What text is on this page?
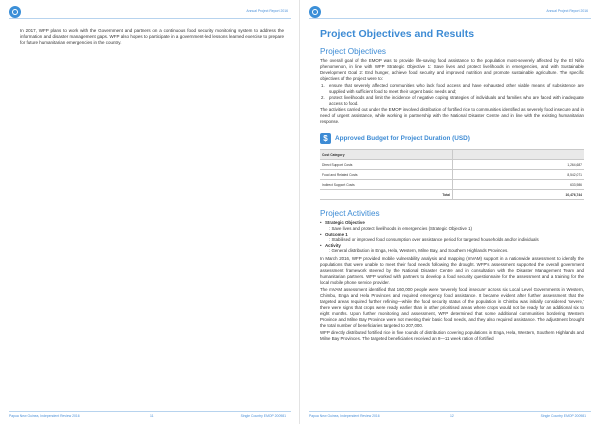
Annual Project Report 2016
In 2017, WFP plans to work with the Government and partners on a continuous food security monitoring system to address the information and disaster management gaps. WFP also hopes to participate in a government-led lessons learned exercise to prepare for future humanitarian emergencies in the country.
Papua New Guinea, Independent Review 2016	11	Single Country EMOP 200981
Annual Project Report 2016
Project Objectives and Results
Project Objectives
The overall goal of the EMOP was to provide life-saving food assistance to the population most-severely affected by the El Niño phenomenon, in line with WFP Strategic Objective 1: Save lives and protect livelihoods in emergencies, and with Sustainable Development Goal 2: End hunger, achieve food security and improved nutrition and promote sustainable agriculture. The specific objectives of the project were to:
1. ensure that severely affected communities who lack food access and have exhausted other viable means of subsistence are supplied with sufficient food to meet their urgent basic needs and;
2. protect livelihoods and limit the incidence of negative coping strategies of individuals and families who are faced with inadequate access to food.
The activities carried out under the EMOP involved distribution of fortified rice to communities identified as severely food insecure and in need of urgent assistance, while working in partnership with the National Disaster Centre and in line with the existing humanitarian response.
$	Approved Budget for Project Duration (USD)
Cost Category	
Direct Support Costs	1,264,687
Food and Related Costs	8,542,071
Indirect Support Costs	633,986
Total	10,476,744
Project Activities
• Strategic Objective
: Save lives and protect livelihoods in emergencies (Strategic Objective 1)
• Outcome 1
: Stabilised or improved food consumption over assistance period for targeted households and/or individuals
• Activity
: General distribution in Enga, Hela, Western, Milne Bay, and Southern Highlands Provinces.
In March 2016, WFP provided mobile vulnerability analysis and mapping (mVAM) support in a nationwide assessment to identify the populations that were unable to meet their food needs following the drought. WFP's assessment supported the overall government assessment framework steered by the National Disaster Centre and in consultation with the Disaster Management Team and humanitarian partners. WFP worked with partners to develop a food security questionnaire for the assessment and a training for the local mobile phone service provider.
The mVAM assessment identified that 160,000 people were 'severely food insecure' across six Local Level Governments in Western, Chimbu, Enga and Hela Provinces and required emergency food assistance. It became evident after further assessment that the targeted areas required further refining—while the food security status of the population in Chimbu was initially considered 'severe,' there were signs that crops were ready earlier than in other prioritised areas where crops would not be ready for an additional six to eight months. Upon further monitoring and assessment, WFP determined that some additional communities bordering Western Province and Milne Bay Province were not meeting their basic food needs, and they also required assistance. The adjustment brought the total number of beneficiaries targeted to 207,000.
WFP directly distributed fortified rice in five rounds of distribution covering populations in Enga, Hela, Western, Southern Highlands and Milne Bay Provinces. The targeted beneficiaries received an 8—11 week ration of fortified
Papua New Guinea, Independent Review 2016	12	Single Country EMOP 200981
